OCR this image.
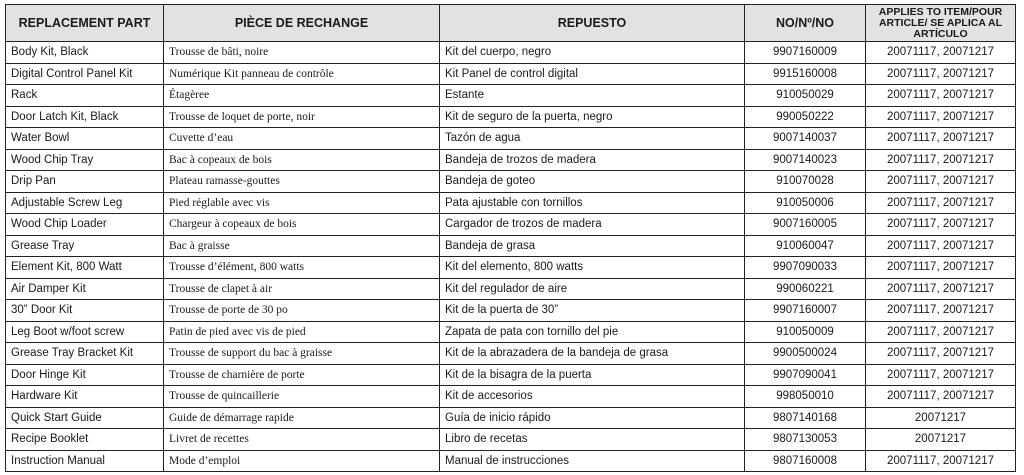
REPLACEMENT PART	PIÈCE DE RECHANGE	REPUESTO	NO/Nº/NO	APPLIES TO ITEM/POUR ARTICLE/ SE APLICA AL ARTÍCULO
Body Kit, Black	Trousse de bâti, noire	Kit del cuerpo, negro	9907160009	20071117, 20071217
Digital Control Panel Kit	Numérique Kit panneau de contrôle	Kit Panel de control digital	9915160008	20071117, 20071217
Rack	Étagèree	Estante	910050029	20071117, 20071217
Door Latch Kit, Black	Trousse de loquet de porte, noir	Kit de seguro de la puerta, negro	990050222	20071117, 20071217
Water Bowl	Cuvette d’eau	Tazón de agua	9007140037	20071117, 20071217
Wood Chip Tray	Bac à copeaux de bois	Bandeja de trozos de madera	9007140023	20071117, 20071217
Drip Pan	Plateau ramasse-gouttes	Bandeja de goteo	910070028	20071117, 20071217
Adjustable Screw Leg	Pied réglable avec vis	Pata ajustable con tornillos	910050006	20071117, 20071217
Wood Chip Loader	Chargeur à copeaux de bois	Cargador de trozos de madera	9007160005	20071117, 20071217
Grease Tray	Bac à graisse	Bandeja de grasa	910060047	20071117, 20071217
Element Kit, 800 Watt	Trousse d’élément, 800 watts	Kit del elemento, 800 watts	9907090033	20071117, 20071217
Air Damper Kit	Trousse de clapet à air	Kit del regulador de aire	990060221	20071117, 20071217
30” Door Kit	Trousse de porte de 30 po	Kit de la puerta de 30”	9907160007	20071117, 20071217
Leg Boot w/foot screw	Patin de pied avec vis de pied	Zapata de pata con tornillo del pie	910050009	20071117, 20071217
Grease Tray Bracket Kit	Trousse de support du bac à graisse	Kit de la abrazadera de la bandeja de grasa	9900500024	20071117, 20071217
Door Hinge Kit	Trousse de charnière de porte	Kit de la bisagra de la puerta	9907090041	20071117, 20071217
Hardware Kit	Trousse de quincaillerie	Kit de accesorios	998050010	20071117, 20071217
Quick Start Guide	Guide de démarrage rapide	Guía de inicio rápido	9807140168	20071217
Recipe Booklet	Livret de recettes	Libro de recetas	9807130053	20071217
Instruction Manual	Mode d’emploi	Manual de instrucciones	9807160008	20071117, 20071217
